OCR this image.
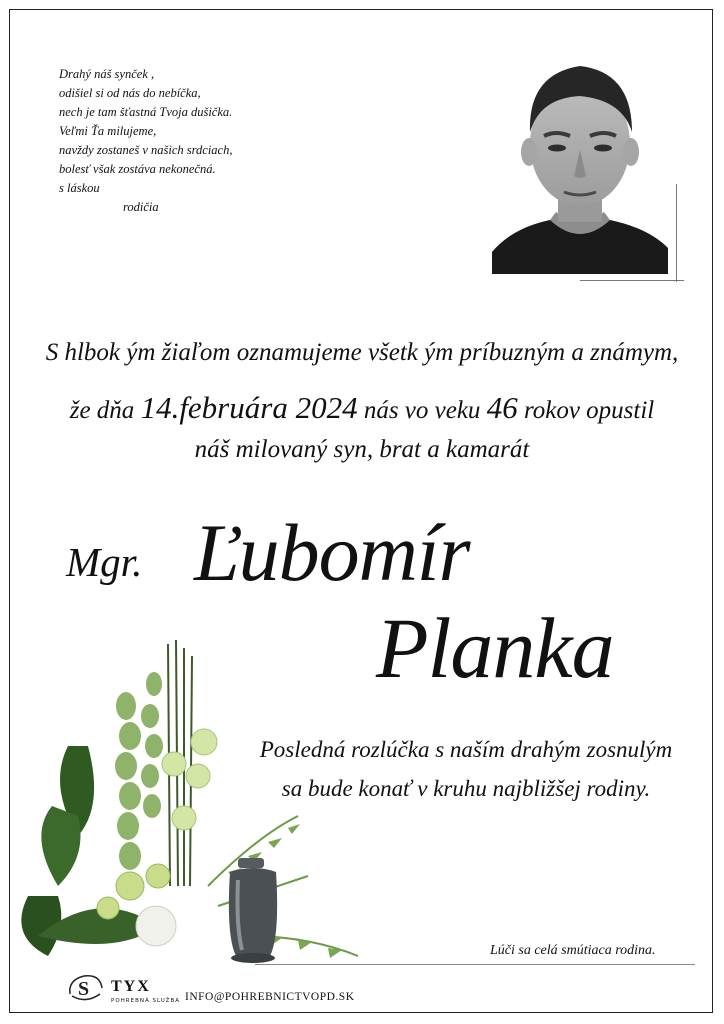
Drahý náš synček ,
odišiel si od nás do nebíčka,
nech je tam šťastná Tvoja dušička.
Veľmi Ťa milujeme,
navždy zostaneš v našich srdciach,
bolesť však zostáva nekonečná.
s láskou
rodičia
S hlbok ým žiaľom oznamujeme všetk ým príbuzným a známym,
že dňa 14.februára 2024 nás vo veku 46 rokov opustil
náš milovaný syn, brat a kamarát
Mgr. Ľubomír
Planka
Posledná rozlúčka s naším drahým zosnulým
sa bude konať v kruhu najbližšej rodiny.
Lúči sa celá smútiaca rodina.
S TYX
POHREBNÁ SLUŽBA INFO@POHREBNICTVOPD.SK
